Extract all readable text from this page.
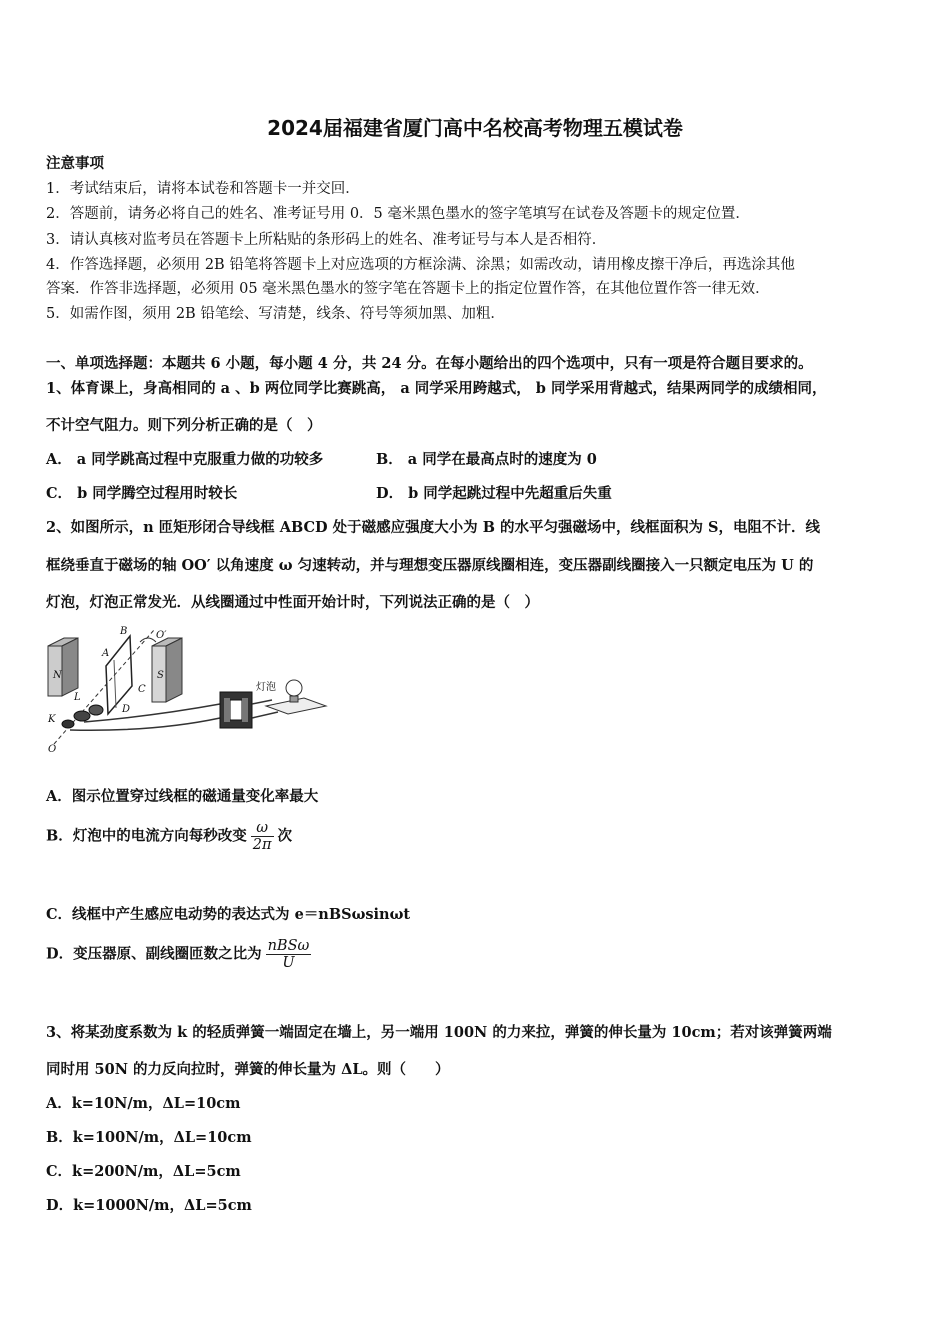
2024届福建省厦门高中名校高考物理五模试卷
注意事项
1．考试结束后，请将本试卷和答题卡一并交回．
2．答题前，请务必将自己的姓名、准考证号用 0．5 毫米黑色墨水的签字笔填写在试卷及答题卡的规定位置．
3．请认真核对监考员在答题卡上所粘贴的条形码上的姓名、准考证号与本人是否相符．
4．作答选择题，必须用 2B 铅笔将答题卡上对应选项的方框涂满、涂黑；如需改动，请用橡皮擦干净后，再选涂其他
答案．作答非选择题，必须用 05 毫米黑色墨水的签字笔在答题卡上的指定位置作答，在其他位置作答一律无效．
5．如需作图，须用 2B 铅笔绘、写清楚，线条、符号等须加黑、加粗．
一、单项选择题：本题共 6 小题，每小题 4 分，共 24 分。在每小题给出的四个选项中，只有一项是符合题目要求的。
1、体育课上，身高相同的 a 、b 两位同学比赛跳高， a 同学采用跨越式， b 同学采用背越式，结果两同学的成绩相同，
不计空气阻力。则下列分析正确的是（　）
A． a 同学跳高过程中克服重力做的功较多	B． a 同学在最高点时的速度为 0
C． b 同学腾空过程用时较长	D． b 同学起跳过程中先超重后失重
2、如图所示，n 匝矩形闭合导线框 ABCD 处于磁感应强度大小为 B 的水平匀强磁场中，线框面积为 S，电阻不计．线
框绕垂直于磁场的轴 OO′ 以角速度 ω 匀速转动，并与理想变压器原线圈相连，变压器副线圈接入一只额定电压为 U 的
灯泡，灯泡正常发光．从线圈通过中性面开始计时，下列说法正确的是（　）
B	O′
A
N	S
L
C
D
K
O
灯泡
A．图示位置穿过线框的磁通量变化率最大
B．灯泡中的电流方向每秒改变 $\frac{\omega}{2\pi}$ 次
C．线框中产生感应电动势的表达式为 e＝nBSωsinωt
D．变压器原、副线圈匝数之比为 $\frac{\text{nBSω}}{U}$
3、将某劲度系数为 k 的轻质弹簧一端固定在墙上，另一端用 100N 的力来拉，弹簧的伸长量为 10cm；若对该弹簧两端
同时用 50N 的力反向拉时，弹簧的伸长量为 ΔL。则（　　）
A．k=10N/m，ΔL=10cm
B．k=100N/m，ΔL=10cm
C．k=200N/m，ΔL=5cm
D．k=1000N/m，ΔL=5cm
